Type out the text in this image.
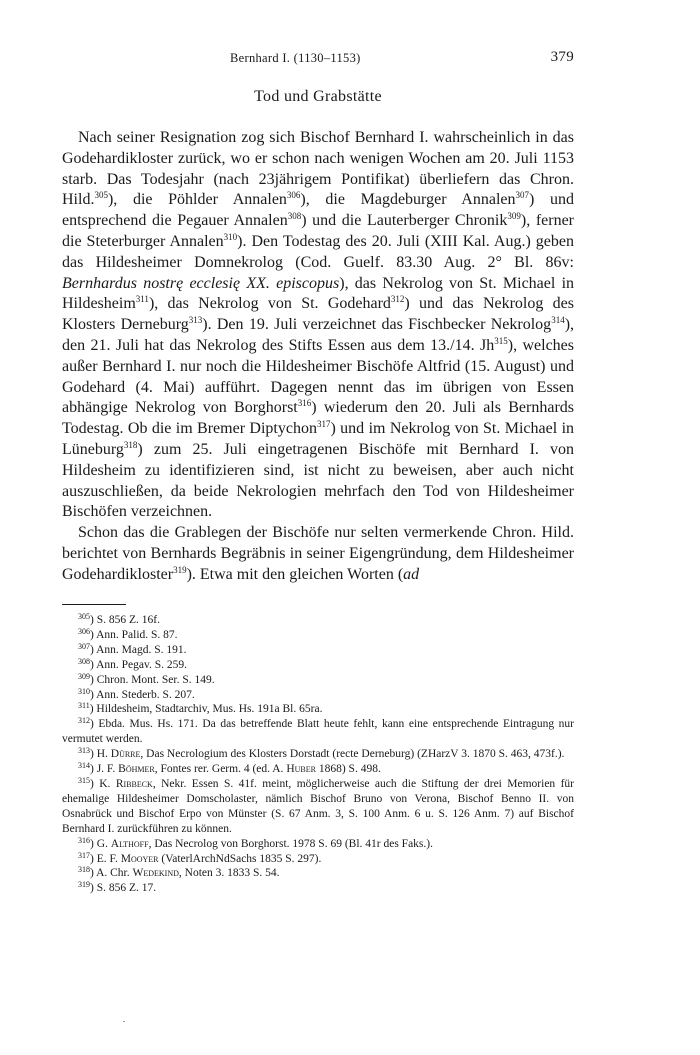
Bernhard I. (1130–1153)	379
Tod und Grabstätte

Nach seiner Resignation zog sich Bischof Bernhard I. wahrscheinlich in das Godehardikloster zurück, wo er schon nach wenigen Wochen am 20. Juli 1153 starb. Das Todesjahr (nach 23jährigem Pontifikat) überliefern das Chron. Hild.$^{305}$), die Pöhlder Annalen$^{306}$), die Magdeburger Annalen$^{307}$) und entsprechend die Pegauer Annalen$^{308}$) und die Lauterberger Chronik$^{309}$), ferner die Steterburger Annalen$^{310}$). Den Todestag des 20. Juli (XIII Kal. Aug.) geben das Hildesheimer Domnekrolog (Cod. Guelf. 83.30 Aug. 2° Bl. 86v: Bernhardus nostrę ecclesię XX. episcopus), das Nekrolog von St. Michael in Hildesheim$^{311}$), das Nekrolog von St. Godehard$^{312}$) und das Nekrolog des Klosters Derneburg$^{313}$). Den 19. Juli verzeichnet das Fischbecker Nekrolog$^{314}$), den 21. Juli hat das Nekrolog des Stifts Essen aus dem 13./14. Jh$^{315}$), welches außer Bernhard I. nur noch die Hildesheimer Bischöfe Altfrid (15. August) und Godehard (4. Mai) aufführt. Dagegen nennt das im übrigen von Essen abhängige Nekrolog von Borghorst$^{316}$) wiederum den 20. Juli als Bernhards Todestag. Ob die im Bremer Diptychon$^{317}$) und im Nekrolog von St. Michael in Lüneburg$^{318}$) zum 25. Juli eingetragenen Bischöfe mit Bernhard I. von Hildesheim zu identifizieren sind, ist nicht zu beweisen, aber auch nicht auszuschließen, da beide Nekrologien mehrfach den Tod von Hildesheimer Bischöfen verzeichnen.

Schon das die Grablegen der Bischöfe nur selten vermerkende Chron. Hild. berichtet von Bernhards Begräbnis in seiner Eigengründung, dem Hildesheimer Godehardikloster$^{319}$). Etwa mit den gleichen Worten (ad

$^{305}$) S. 856 Z. 16f.
$^{306}$) Ann. Palid. S. 87.
$^{307}$) Ann. Magd. S. 191.
$^{308}$) Ann. Pegav. S. 259.
$^{309}$) Chron. Mont. Ser. S. 149.
$^{310}$) Ann. Stederb. S. 207.
$^{311}$) Hildesheim, Stadtarchiv, Mus. Hs. 191a Bl. 65ra.
$^{312}$) Ebda. Mus. Hs. 171. Da das betreffende Blatt heute fehlt, kann eine entsprechende Eintragung nur vermutet werden.
$^{313}$) H. Dürre, Das Necrologium des Klosters Dorstadt (recte Derneburg) (ZHarzV 3. 1870 S. 463, 473f.).
$^{314}$) J. F. Böhmer, Fontes rer. Germ. 4 (ed. A. Huber 1868) S. 498.
$^{315}$) K. Ribbeck, Nekr. Essen S. 41f. meint, möglicherweise auch die Stiftung der drei Memorien für ehemalige Hildesheimer Domscholaster, nämlich Bischof Bruno von Verona, Bischof Benno II. von Osnabrück und Bischof Erpo von Münster (S. 67 Anm. 3, S. 100 Anm. 6 u. S. 126 Anm. 7) auf Bischof Bernhard I. zurückführen zu können.
$^{316}$) G. Althoff, Das Necrolog von Borghorst. 1978 S. 69 (Bl. 41r des Faks.).
$^{317}$) E. F. Mooyer (VaterlArchNdSachs 1835 S. 297).
$^{318}$) A. Chr. Wedekind, Noten 3. 1833 S. 54.
$^{319}$) S. 856 Z. 17.
